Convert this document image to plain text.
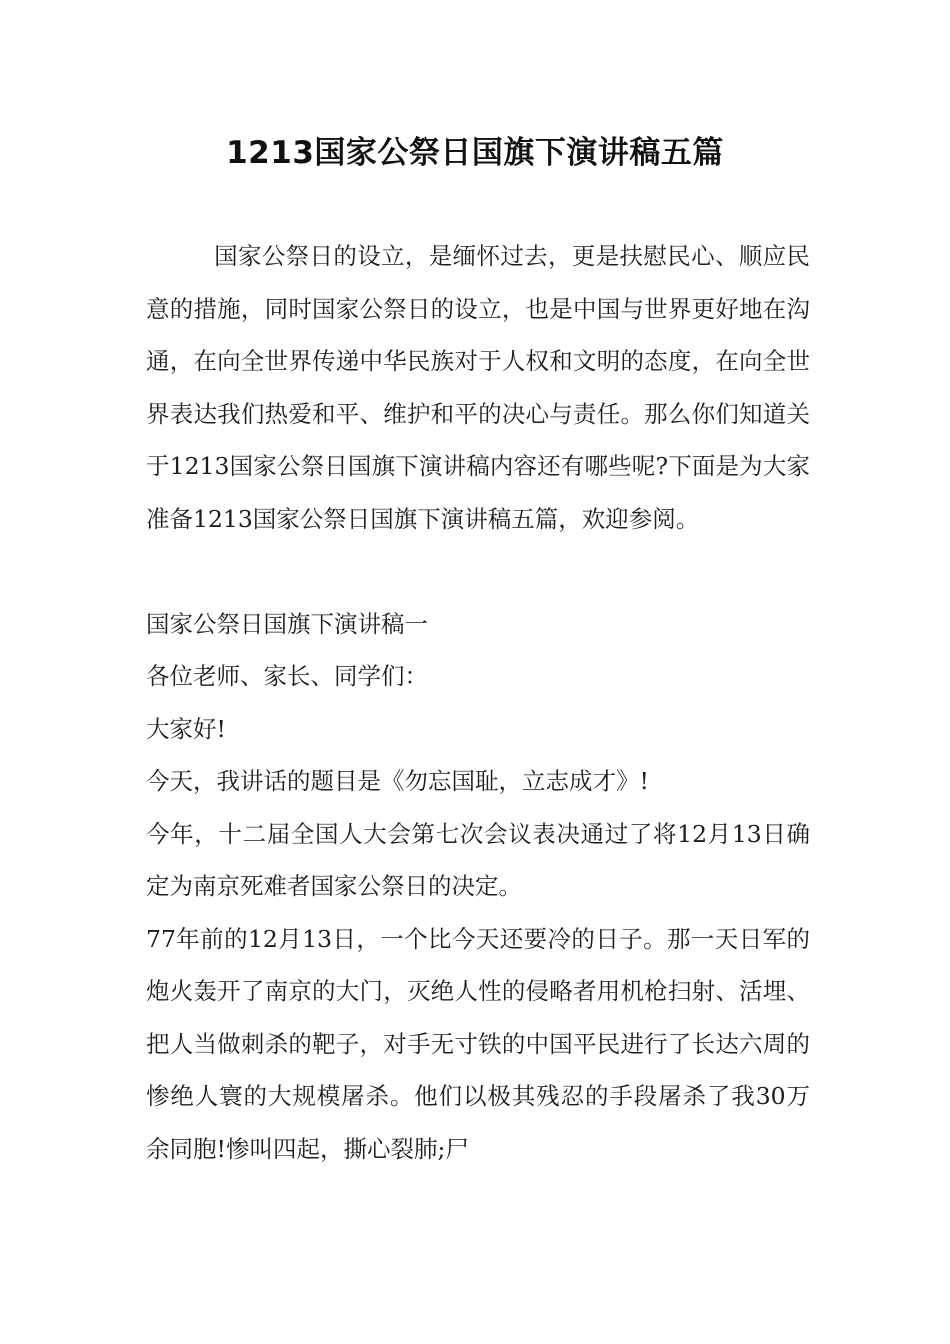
1213国家公祭日国旗下演讲稿五篇

国家公祭日的设立，是缅怀过去，更是扶慰民心、顺应民意的措施，同时国家公祭日的设立，也是中国与世界更好地在沟通，在向全世界传递中华民族对于人权和文明的态度，在向全世界表达我们热爱和平、维护和平的决心与责任。那么你们知道关于1213国家公祭日国旗下演讲稿内容还有哪些呢?下面是为大家准备1213国家公祭日国旗下演讲稿五篇，欢迎参阅。

国家公祭日国旗下演讲稿一

各位老师、家长、同学们：

大家好!

今天，我讲话的题目是《勿忘国耻，立志成才》!

今年，十二届全国人大会第七次会议表决通过了将12月13日确定为南京死难者国家公祭日的决定。

77年前的12月13日，一个比今天还要冷的日子。那一天日军的炮火轰开了南京的大门，灭绝人性的侵略者用机枪扫射、活埋、把人当做刺杀的靶子，对手无寸铁的中国平民进行了长达六周的惨绝人寰的大规模屠杀。他们以极其残忍的手段屠杀了我30万余同胞!惨叫四起，撕心裂肺;尸
